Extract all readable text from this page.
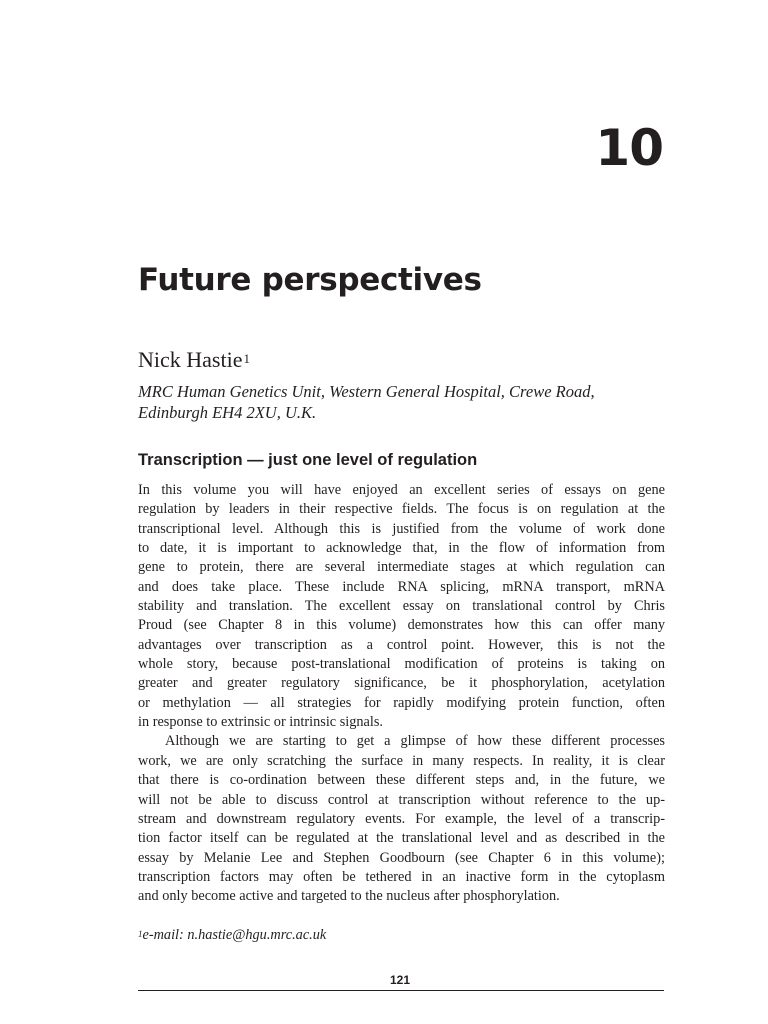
10
Future perspectives
Nick Hastie$^1$
MRC Human Genetics Unit, Western General Hospital, Crewe Road,
Edinburgh EH4 2XU, U.K.
Transcription — just one level of regulation
In this volume you will have enjoyed an excellent series of essays on gene
regulation by leaders in their respective fields. The focus is on regulation at the
transcriptional level. Although this is justified from the volume of work done
to date, it is important to acknowledge that, in the flow of information from
gene to protein, there are several intermediate stages at which regulation can
and does take place. These include RNA splicing, mRNA transport, mRNA
stability and translation. The excellent essay on translational control by Chris
Proud (see Chapter 8 in this volume) demonstrates how this can offer many
advantages over transcription as a control point. However, this is not the
whole story, because post-translational modification of proteins is taking on
greater and greater regulatory significance, be it phosphorylation, acetylation
or methylation — all strategies for rapidly modifying protein function, often
in response to extrinsic or intrinsic signals.
Although we are starting to get a glimpse of how these different processes
work, we are only scratching the surface in many respects. In reality, it is clear
that there is co-ordination between these different steps and, in the future, we
will not be able to discuss control at transcription without reference to the up-
stream and downstream regulatory events. For example, the level of a transcrip-
tion factor itself can be regulated at the translational level and as described in the
essay by Melanie Lee and Stephen Goodbourn (see Chapter 6 in this volume);
transcription factors may often be tethered in an inactive form in the cytoplasm
and only become active and targeted to the nucleus after phosphorylation.
$^1$e-mail: n.hastie@hgu.mrc.ac.uk
121
